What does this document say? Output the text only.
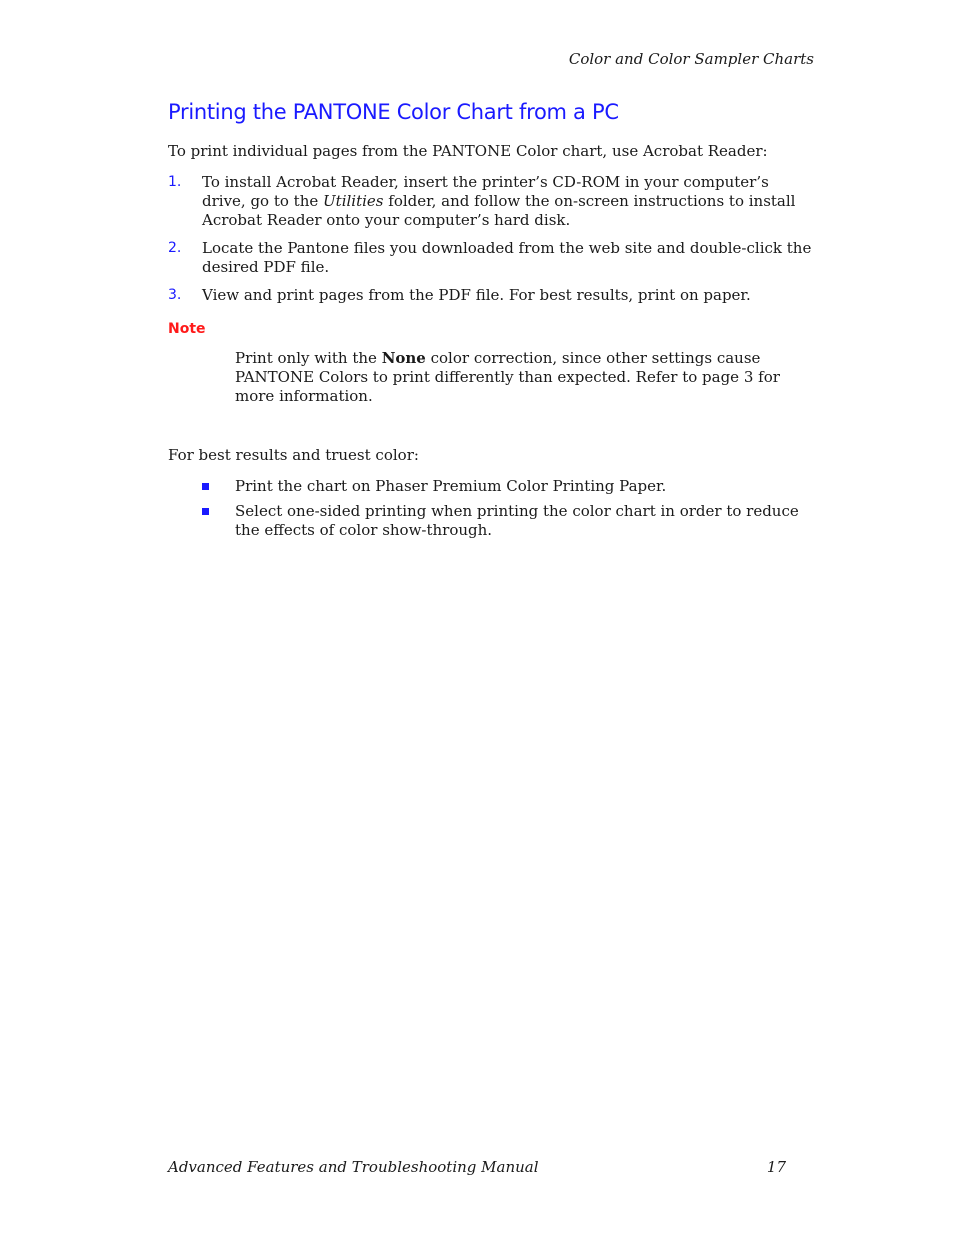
Color and Color Sampler Charts
Printing the PANTONE Color Chart from a PC

To print individual pages from the PANTONE Color chart, use Acrobat Reader:

1. To install Acrobat Reader, insert the printer’s CD-ROM in your computer’s drive, go to the Utilities folder, and follow the on-screen instructions to install Acrobat Reader onto your computer’s hard disk.
2. Locate the Pantone files you downloaded from the web site and double-click the desired PDF file.
3. View and print pages from the PDF file. For best results, print on paper.
Note

Print only with the None color correction, since other settings cause PANTONE Colors to print differently than expected. Refer to page 3 for more information.

For best results and truest color:

Print the chart on Phaser Premium Color Printing Paper.
Select one-sided printing when printing the color chart in order to reduce the effects of color show-through.
Advanced Features and Troubleshooting Manual	17
